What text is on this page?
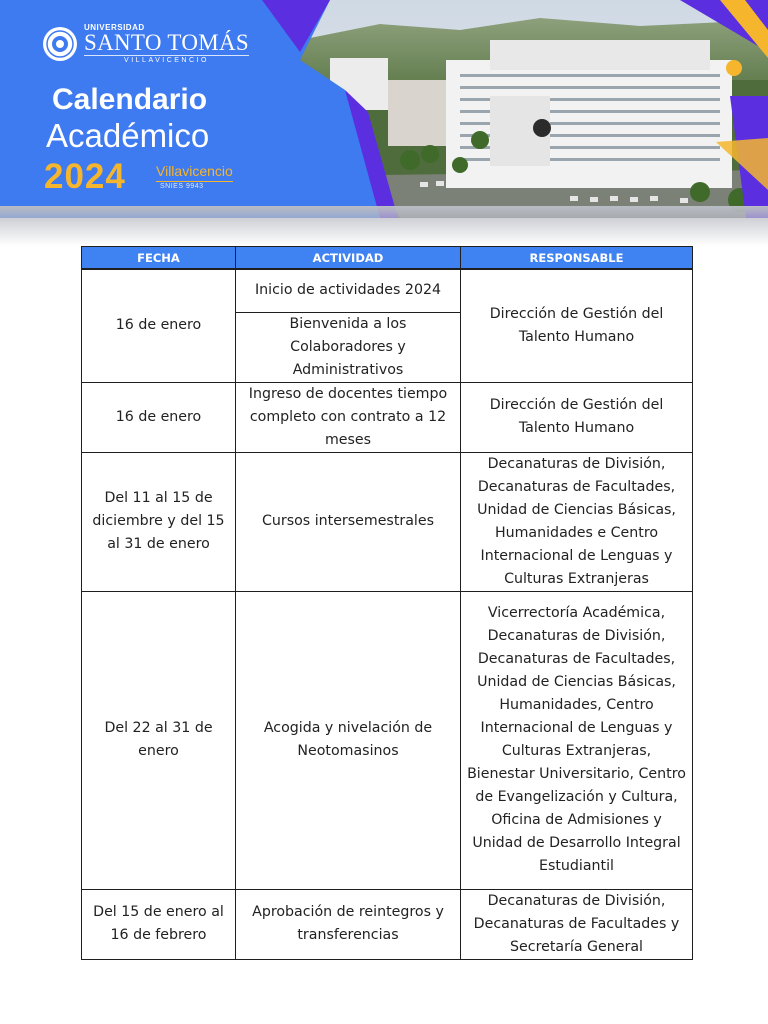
UNIVERSIDAD
SANTO TOMÁS
VILLAVICENCIO
Calendario
Académico
2024 Villavicencio
SNIES 9943
FECHA	ACTIVIDAD	RESPONSABLE
16 de enero	Inicio de actividades 2024	Dirección de Gestión del Talento Humano
	Bienvenida a los Colaboradores y Administrativos	
16 de enero	Ingreso de docentes tiempo completo con contrato a 12 meses	Dirección de Gestión del Talento Humano
Del 11 al 15 de diciembre y del 15 al 31 de enero	Cursos intersemestrales	Decanaturas de División, Decanaturas de Facultades, Unidad de Ciencias Básicas, Humanidades e Centro Internacional de Lenguas y Culturas Extranjeras
Del 22 al 31 de enero	Acogida y nivelación de Neotomasinos	Vicerrectoría Académica, Decanaturas de División, Decanaturas de Facultades, Unidad de Ciencias Básicas, Humanidades, Centro Internacional de Lenguas y Culturas Extranjeras, Bienestar Universitario, Centro de Evangelización y Cultura, Oficina de Admisiones y Unidad de Desarrollo Integral Estudiantil
Del 15 de enero al 16 de febrero	Aprobación de reintegros y transferencias	Decanaturas de División, Decanaturas de Facultades y Secretaría General
